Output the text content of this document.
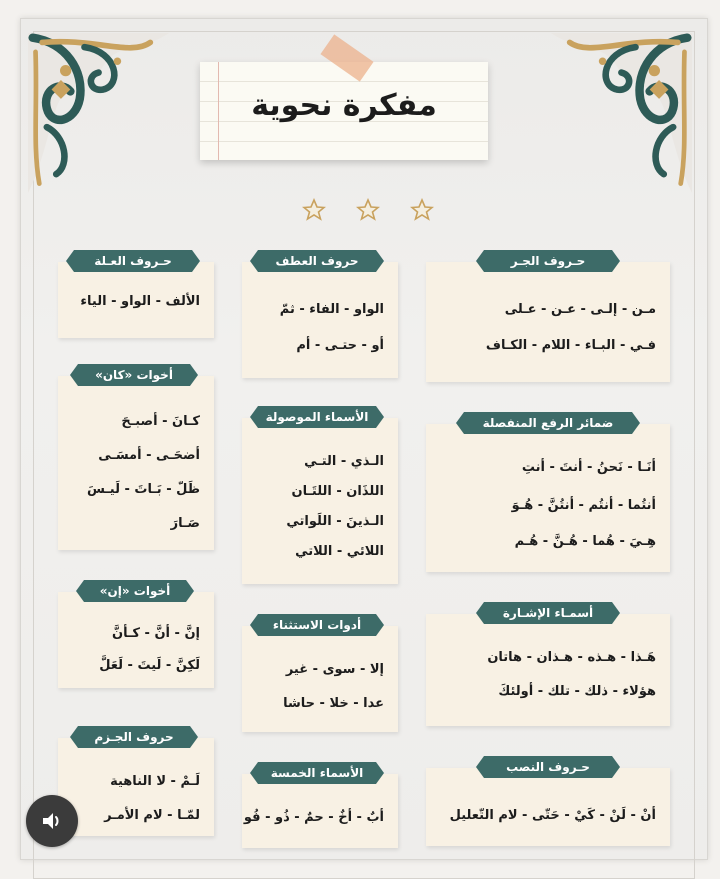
مفكرة نحوية
مـن - إلـى - عـن - عـلى
فـي - البـاء - اللام - الكـاف
حـروف الجـر
أنَـا - نَحنُ - أنتَ - أنتِ
أنتُما - أنتُم - أنتُنَّ - هُـوَ
هِـيَ - هُما - هُـنَّ - هُـم
ضمائر الرفع المنفصلة
هَـذا - هـذه - هـذان - هاتان
هؤلاء - ذلك - تلك - أولئكَ
أسمـاء الإشـارة
أنْ - لَنْ - كَيْ - حَتّى - لام التّعليل
حـروف النصب
الواو - الفاء - ثمّ
أو - حتـى - أم
حروف العطف
الـذي - التـي
اللذَان - اللتَـان
الـذينَ - اللَواتي
اللائي - اللاتي
الأسماء الموصولة
إلا - سوى - غير
عدا - خلا - حاشا
أدوات الاستثناء
أبٌ - أخٌ - حمٌ - ذُو - فُو
الأسماء الخمسة
الألف - الواو - الياء
حـروف العـلة
كـانَ - أصبـحَ
أضحَـى - أمسَـى
ظَلّ - بَـاتَ - لَيـسَ
صَـارَ
أخوات «كان»
إنَّ - أنَّ - كـأنَّ
لَكِنَّ - لَيتَ - لَعَلَّ
أخوات «إن»
لَـمْ - لا الناهية
لمّـا - لام الأمـر
حروف الجـزم
